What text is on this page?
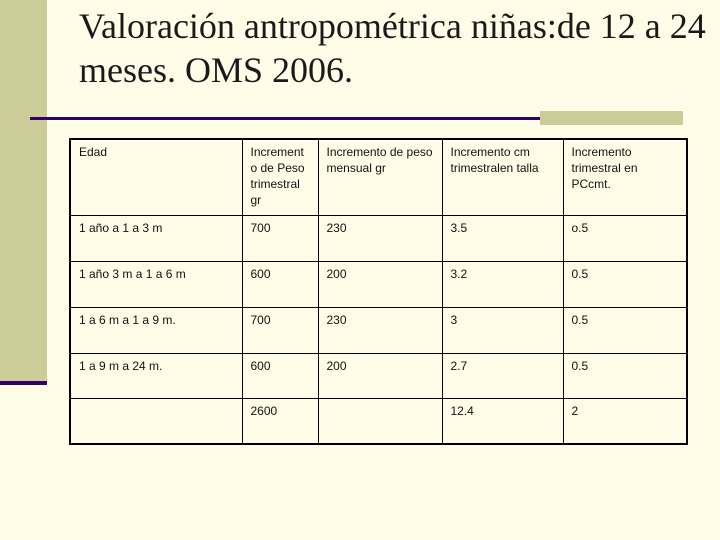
Valoración antropométrica niñas:de 12 a 24 meses. OMS 2006.
Edad	Increment o de Peso trimestral gr	Incremento de peso mensual gr	Incremento cm trimestralen talla	Incremento trimestral en PCcmt.
1 año a 1 a 3 m	700	230	3.5	o.5
1 año 3 m a 1 a 6 m	600	200	3.2	0.5
1 a 6 m a 1 a 9 m.	700	230	3	0.5
1 a 9 m a 24 m.	600	200	2.7	0.5
	2600		12.4	2
